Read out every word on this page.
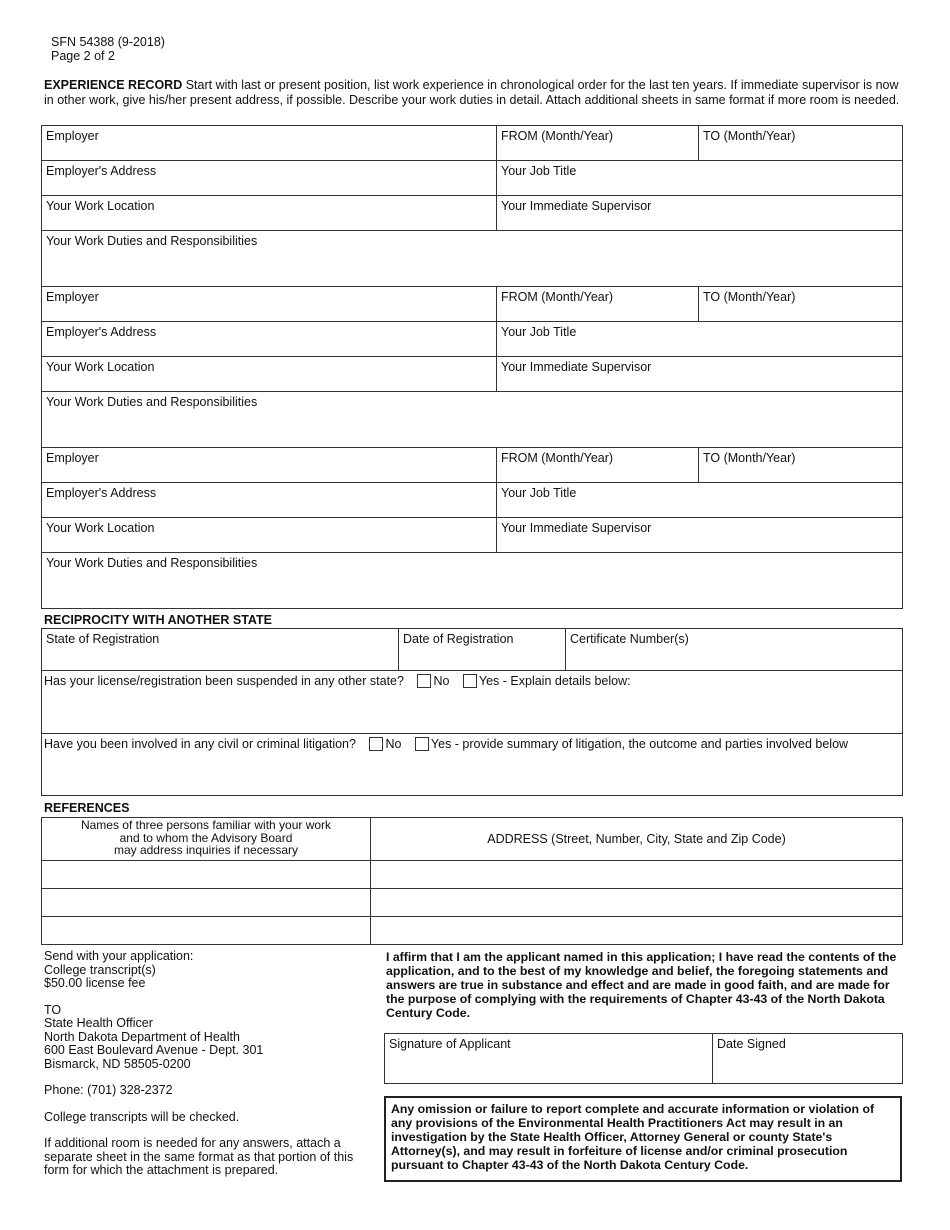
SFN 54388 (9-2018)
Page 2 of 2
EXPERIENCE RECORD Start with last or present position, list work experience in chronological order for the last ten years. If immediate supervisor is now in other work, give his/her present address, if possible. Describe your work duties in detail. Attach additional sheets in same format if more room is needed.
Employer	FROM (Month/Year)	TO (Month/Year)
Employer's Address	Your Job Title	
Your Work Location	Your Immediate Supervisor	
Your Work Duties and Responsibilities		
Employer	FROM (Month/Year)	TO (Month/Year)
Employer's Address	Your Job Title	
Your Work Location	Your Immediate Supervisor	
Your Work Duties and Responsibilities		
Employer	FROM (Month/Year)	TO (Month/Year)
Employer's Address	Your Job Title	
Your Work Location	Your Immediate Supervisor	
Your Work Duties and Responsibilities		
RECIPROCITY WITH ANOTHER STATE
State of Registration	Date of Registration	Certificate Number(s)
Has your license/registration been suspended in any other state? No Yes - Explain details below:
Have you been involved in any civil or criminal litigation? No Yes - provide summary of litigation, the outcome and parties involved below
REFERENCES
Names of three persons familiar with your work
and to whom the Advisory Board
may address inquiries if necessary	ADDRESS (Street, Number, City, State and Zip Code)

Send with your application:
College transcript(s)
$50.00 license fee

TO
State Health Officer
North Dakota Department of Health
600 East Boulevard Avenue - Dept. 301
Bismarck, ND 58505-0200

Phone: (701) 328-2372

College transcripts will be checked.

If additional room is needed for any answers, attach a separate sheet in the same format as that portion of this form for which the attachment is prepared.

I affirm that I am the applicant named in this application; I have read the contents of the application, and to the best of my knowledge and belief, the foregoing statements and answers are true in substance and effect and are made in good faith, and are made for the purpose of complying with the requirements of Chapter 43-43 of the North Dakota Century Code.
Signature of Applicant	Date Signed
Any omission or failure to report complete and accurate information or violation of any provisions of the Environmental Health Practitioners Act may result in an investigation by the State Health Officer, Attorney General or county State's Attorney(s), and may result in forfeiture of license and/or criminal prosecution pursuant to Chapter 43-43 of the North Dakota Century Code.
